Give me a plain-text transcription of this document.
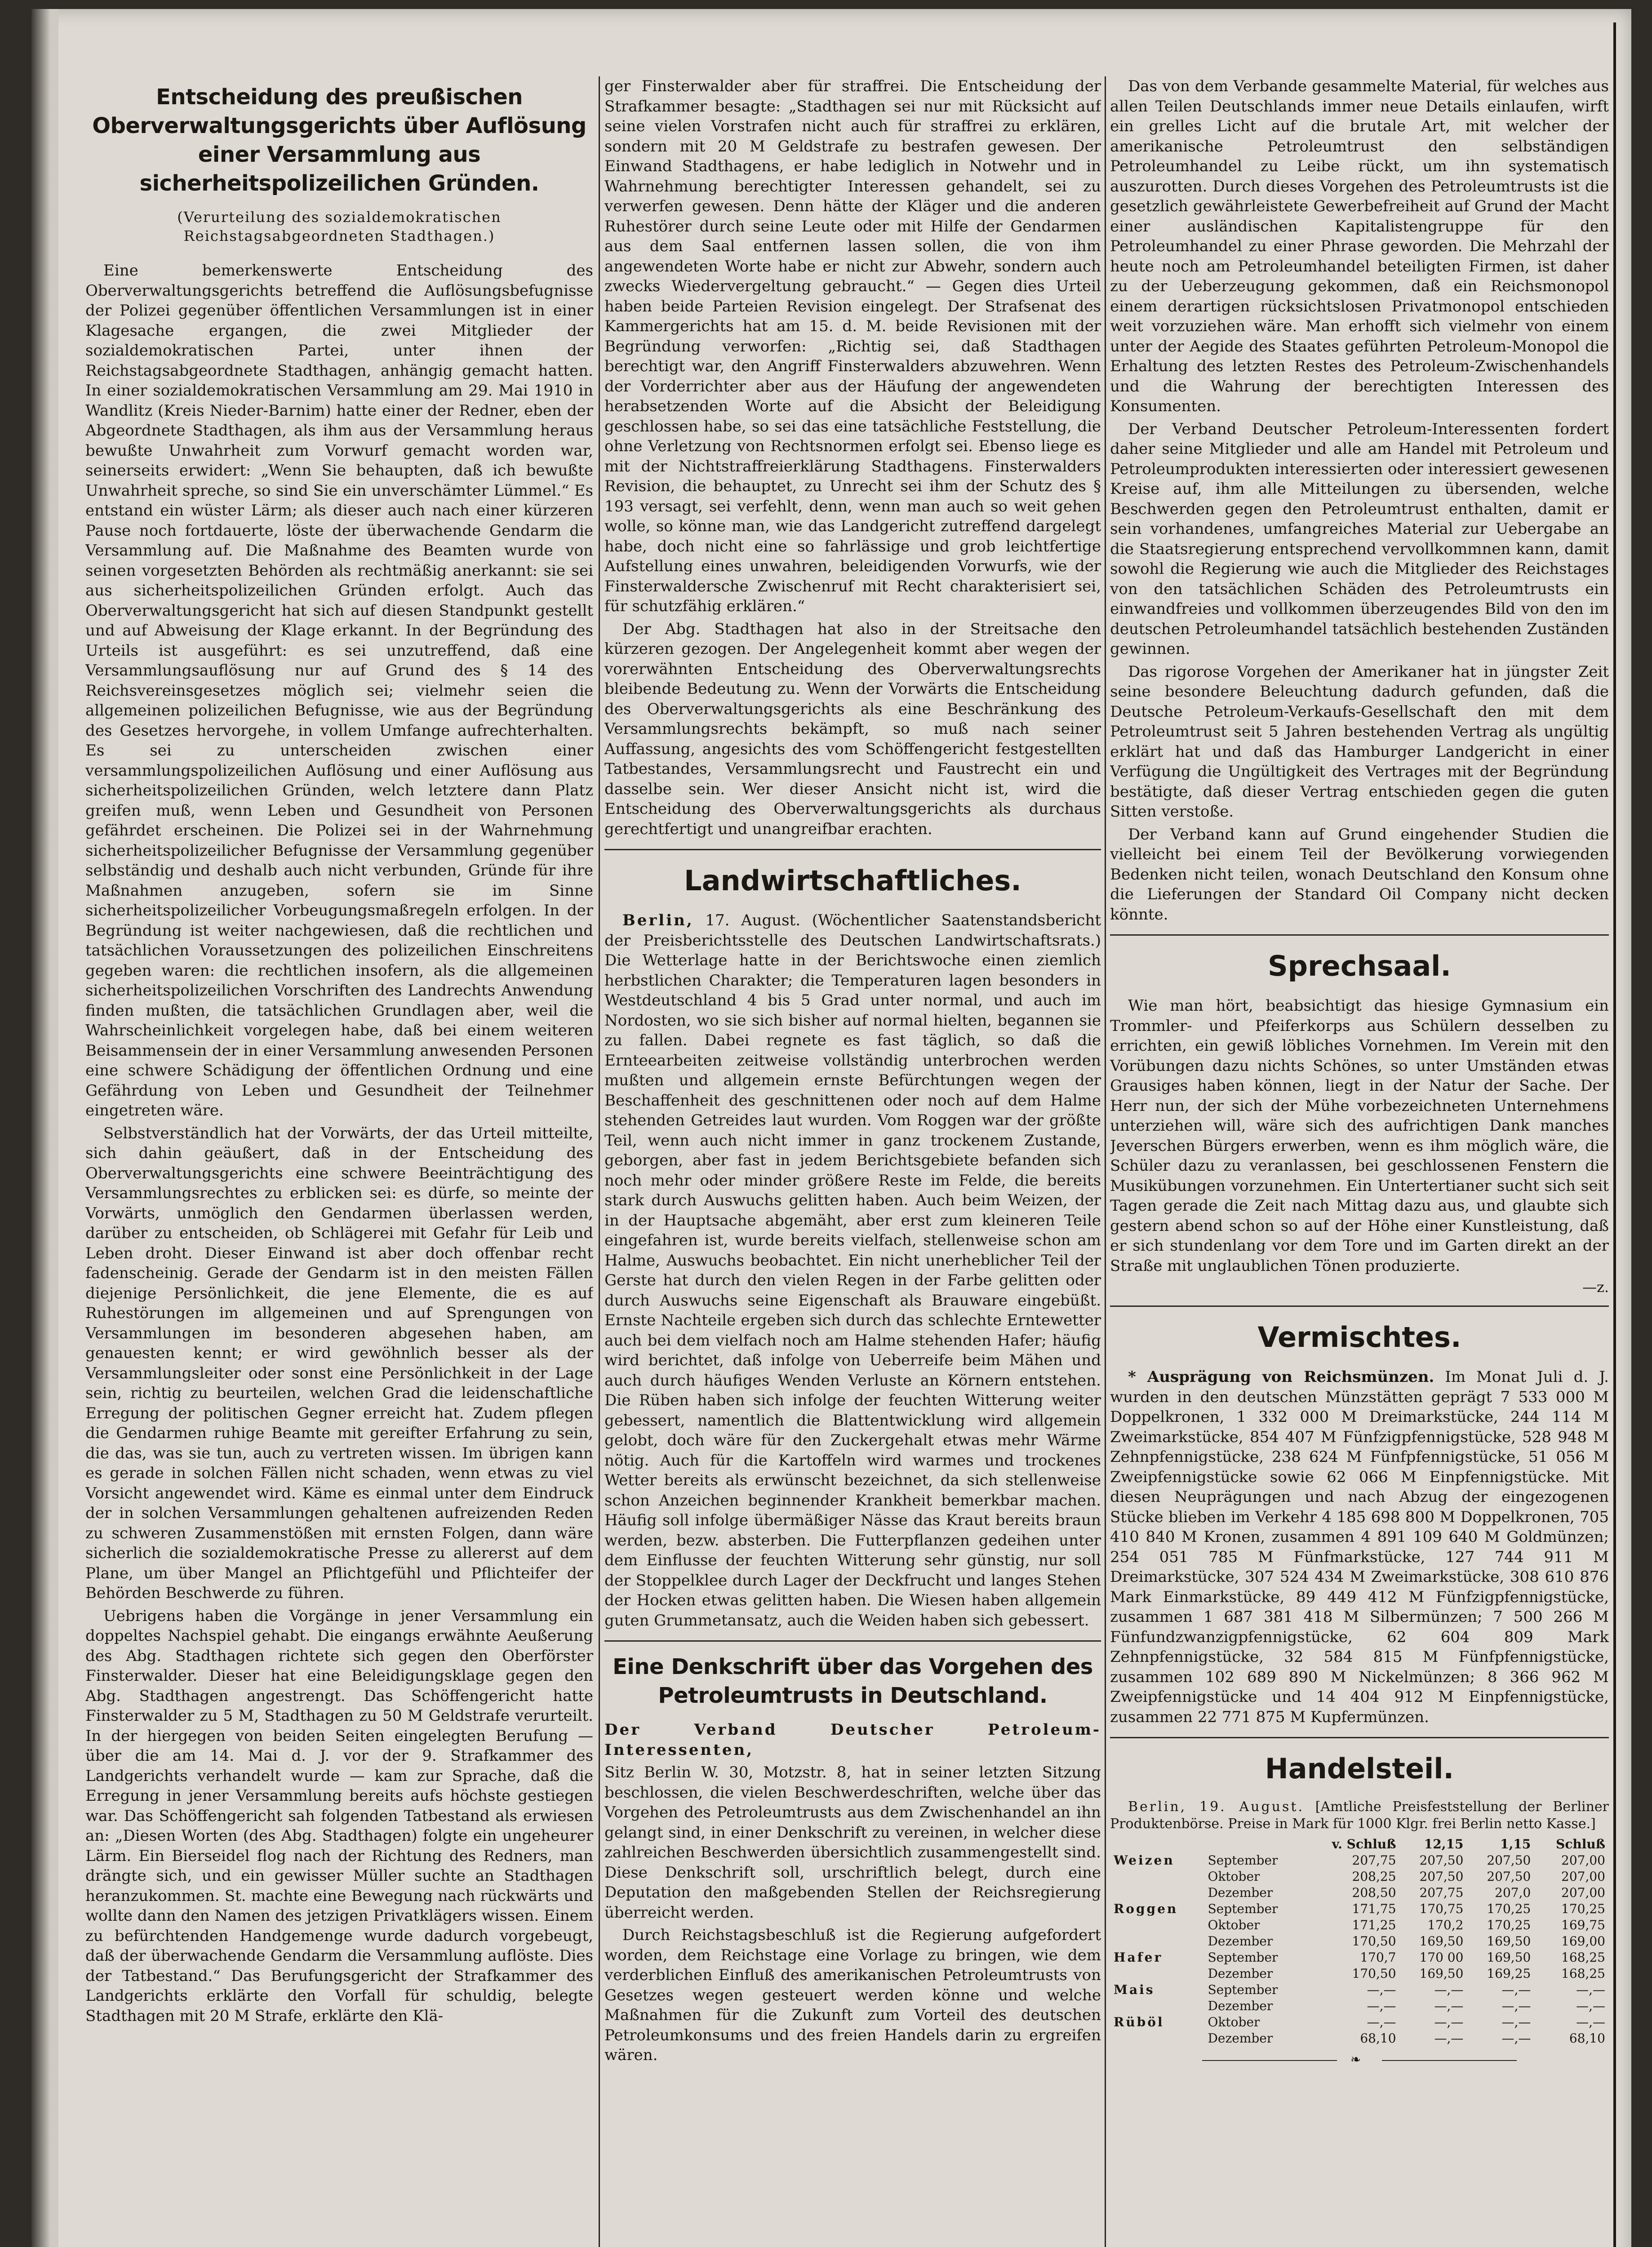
Entscheidung des preußischen Oberverwaltungsgerichts über Auflösung einer Versammlung aus sicherheitspolizeilichen Gründen.
(Verurteilung des sozialdemokratischen Reichstagsabgeordneten Stadthagen.)

Eine bemerkenswerte Entscheidung des Oberverwaltungsgerichts betreffend die Auflösungsbefugnisse der Polizei gegenüber öffentlichen Versammlungen ist in einer Klagesache ergangen, die zwei Mitglieder der sozialdemokratischen Partei, unter ihnen der Reichstagsabgeordnete Stadthagen, anhängig gemacht hatten. In einer sozialdemokratischen Versammlung am 29. Mai 1910 in Wandlitz (Kreis Nieder-Barnim) hatte einer der Redner, eben der Abgeordnete Stadthagen, als ihm aus der Versammlung heraus bewußte Unwahrheit zum Vorwurf gemacht worden war, seinerseits erwidert: „Wenn Sie behaupten, daß ich bewußte Unwahrheit spreche, so sind Sie ein unverschämter Lümmel.“ Es entstand ein wüster Lärm; als dieser auch nach einer kürzeren Pause noch fortdauerte, löste der überwachende Gendarm die Versammlung auf. Die Maßnahme des Beamten wurde von seinen vorgesetzten Behörden als rechtmäßig anerkannt: sie sei aus sicherheitspolizeilichen Gründen erfolgt. Auch das Oberverwaltungsgericht hat sich auf diesen Standpunkt gestellt und auf Abweisung der Klage erkannt. In der Begründung des Urteils ist ausgeführt: es sei unzutreffend, daß eine Versammlungsauflösung nur auf Grund des § 14 des Reichsvereinsgesetzes möglich sei; vielmehr seien die allgemeinen polizeilichen Befugnisse, wie aus der Begründung des Gesetzes hervorgehe, in vollem Umfange aufrechterhalten. Es sei zu unterscheiden zwischen einer versammlungspolizeilichen Auflösung und einer Auflösung aus sicherheitspolizeilichen Gründen, welch letztere dann Platz greifen muß, wenn Leben und Gesundheit von Personen gefährdet erscheinen. Die Polizei sei in der Wahrnehmung sicherheitspolizeilicher Befugnisse der Versammlung gegenüber selbständig und deshalb auch nicht verbunden, Gründe für ihre Maßnahmen anzugeben, sofern sie im Sinne sicherheitspolizeilicher Vorbeugungsmaßregeln erfolgen. In der Begründung ist weiter nachgewiesen, daß die rechtlichen und tatsächlichen Voraussetzungen des polizeilichen Einschreitens gegeben waren: die rechtlichen insofern, als die allgemeinen sicherheitspolizeilichen Vorschriften des Landrechts Anwendung finden mußten, die tatsächlichen Grundlagen aber, weil die Wahrscheinlichkeit vorgelegen habe, daß bei einem weiteren Beisammensein der in einer Versammlung anwesenden Personen eine schwere Schädigung der öffentlichen Ordnung und eine Gefährdung von Leben und Gesundheit der Teilnehmer eingetreten wäre.

Selbstverständlich hat der Vorwärts, der das Urteil mitteilte, sich dahin geäußert, daß in der Entscheidung des Oberverwaltungsgerichts eine schwere Beeinträchtigung des Versammlungsrechtes zu erblicken sei: es dürfe, so meinte der Vorwärts, unmöglich den Gendarmen überlassen werden, darüber zu entscheiden, ob Schlägerei mit Gefahr für Leib und Leben droht. Dieser Einwand ist aber doch offenbar recht fadenscheinig. Gerade der Gendarm ist in den meisten Fällen diejenige Persönlichkeit, die jene Elemente, die es auf Ruhestörungen im allgemeinen und auf Sprengungen von Versammlungen im besonderen abgesehen haben, am genauesten kennt; er wird gewöhnlich besser als der Versammlungsleiter oder sonst eine Persönlichkeit in der Lage sein, richtig zu beurteilen, welchen Grad die leidenschaftliche Erregung der politischen Gegner erreicht hat. Zudem pflegen die Gendarmen ruhige Beamte mit gereifter Erfahrung zu sein, die das, was sie tun, auch zu vertreten wissen. Im übrigen kann es gerade in solchen Fällen nicht schaden, wenn etwas zu viel Vorsicht angewendet wird. Käme es einmal unter dem Eindruck der in solchen Versammlungen gehaltenen aufreizenden Reden zu schweren Zusammenstößen mit ernsten Folgen, dann wäre sicherlich die sozialdemokratische Presse zu allererst auf dem Plane, um über Mangel an Pflichtgefühl und Pflichteifer der Behörden Beschwerde zu führen.

Uebrigens haben die Vorgänge in jener Versammlung ein doppeltes Nachspiel gehabt. Die eingangs erwähnte Aeußerung des Abg. Stadthagen richtete sich gegen den Oberförster Finsterwalder. Dieser hat eine Beleidigungsklage gegen den Abg. Stadthagen angestrengt. Das Schöffengericht hatte Finsterwalder zu 5 M, Stadthagen zu 50 M Geldstrafe verurteilt. In der hiergegen von beiden Seiten eingelegten Berufung — über die am 14. Mai d. J. vor der 9. Strafkammer des Landgerichts verhandelt wurde — kam zur Sprache, daß die Erregung in jener Versammlung bereits aufs höchste gestiegen war. Das Schöffengericht sah folgenden Tatbestand als erwiesen an: „Diesen Worten (des Abg. Stadthagen) folgte ein ungeheurer Lärm. Ein Bierseidel flog nach der Richtung des Redners, man drängte sich, und ein gewisser Müller suchte an Stadthagen heranzukommen. St. machte eine Bewegung nach rückwärts und wollte dann den Namen des jetzigen Privatklägers wissen. Einem zu befürchtenden Handgemenge wurde dadurch vorgebeugt, daß der überwachende Gendarm die Versammlung auflöste. Dies der Tatbestand.“ Das Berufungsgericht der Strafkammer des Landgerichts erklärte den Vorfall für schuldig, belegte Stadthagen mit 20 M Strafe, erklärte den Klä-

ger Finsterwalder aber für straffrei. Die Entscheidung der Strafkammer besagte: „Stadthagen sei nur mit Rücksicht auf seine vielen Vorstrafen nicht auch für straffrei zu erklären, sondern mit 20 M Geldstrafe zu bestrafen gewesen. Der Einwand Stadthagens, er habe lediglich in Notwehr und in Wahrnehmung berechtigter Interessen gehandelt, sei zu verwerfen gewesen. Denn hätte der Kläger und die anderen Ruhestörer durch seine Leute oder mit Hilfe der Gendarmen aus dem Saal entfernen lassen sollen, die von ihm angewendeten Worte habe er nicht zur Abwehr, sondern auch zwecks Wiedervergeltung gebraucht.“ — Gegen dies Urteil haben beide Parteien Revision eingelegt. Der Strafsenat des Kammergerichts hat am 15. d. M. beide Revisionen mit der Begründung verworfen: „Richtig sei, daß Stadthagen berechtigt war, den Angriff Finsterwalders abzuwehren. Wenn der Vorderrichter aber aus der Häufung der angewendeten herabsetzenden Worte auf die Absicht der Beleidigung geschlossen habe, so sei das eine tatsächliche Feststellung, die ohne Verletzung von Rechtsnormen erfolgt sei. Ebenso liege es mit der Nichtstraffreierklärung Stadthagens. Finsterwalders Revision, die behauptet, zu Unrecht sei ihm der Schutz des § 193 versagt, sei verfehlt, denn, wenn man auch so weit gehen wolle, so könne man, wie das Landgericht zutreffend dargelegt habe, doch nicht eine so fahrlässige und grob leichtfertige Aufstellung eines unwahren, beleidigenden Vorwurfs, wie der Finsterwaldersche Zwischenruf mit Recht charakterisiert sei, für schutzfähig erklären.“

Der Abg. Stadthagen hat also in der Streitsache den kürzeren gezogen. Der Angelegenheit kommt aber wegen der vorerwähnten Entscheidung des Oberverwaltungsrechts bleibende Bedeutung zu. Wenn der Vorwärts die Entscheidung des Oberverwaltungsgerichts als eine Beschränkung des Versammlungsrechts bekämpft, so muß nach seiner Auffassung, angesichts des vom Schöffengericht festgestellten Tatbestandes, Versammlungsrecht und Faustrecht ein und dasselbe sein. Wer dieser Ansicht nicht ist, wird die Entscheidung des Oberverwaltungsgerichts als durchaus gerechtfertigt und unangreifbar erachten.

Landwirtschaftliches.

Berlin, 17. August. (Wöchentlicher Saatenstandsbericht der Preisberichtsstelle des Deutschen Landwirtschaftsrats.) Die Wetterlage hatte in der Berichtswoche einen ziemlich herbstlichen Charakter; die Temperaturen lagen besonders in Westdeutschland 4 bis 5 Grad unter normal, und auch im Nordosten, wo sie sich bisher auf normal hielten, begannen sie zu fallen. Dabei regnete es fast täglich, so daß die Ernteearbeiten zeitweise vollständig unterbrochen werden mußten und allgemein ernste Befürchtungen wegen der Beschaffenheit des geschnittenen oder noch auf dem Halme stehenden Getreides laut wurden. Vom Roggen war der größte Teil, wenn auch nicht immer in ganz trockenem Zustande, geborgen, aber fast in jedem Berichtsgebiete befanden sich noch mehr oder minder größere Reste im Felde, die bereits stark durch Auswuchs gelitten haben. Auch beim Weizen, der in der Hauptsache abgemäht, aber erst zum kleineren Teile eingefahren ist, wurde bereits vielfach, stellenweise schon am Halme, Auswuchs beobachtet. Ein nicht unerheblicher Teil der Gerste hat durch den vielen Regen in der Farbe gelitten oder durch Auswuchs seine Eigenschaft als Brauware eingebüßt. Ernste Nachteile ergeben sich durch das schlechte Erntewetter auch bei dem vielfach noch am Halme stehenden Hafer; häufig wird berichtet, daß infolge von Ueberreife beim Mähen und auch durch häufiges Wenden Verluste an Körnern entstehen. Die Rüben haben sich infolge der feuchten Witterung weiter gebessert, namentlich die Blattentwicklung wird allgemein gelobt, doch wäre für den Zuckergehalt etwas mehr Wärme nötig. Auch für die Kartoffeln wird warmes und trockenes Wetter bereits als erwünscht bezeichnet, da sich stellenweise schon Anzeichen beginnender Krankheit bemerkbar machen. Häufig soll infolge übermäßiger Nässe das Kraut bereits braun werden, bezw. absterben. Die Futterpflanzen gedeihen unter dem Einflusse der feuchten Witterung sehr günstig, nur soll der Stoppelklee durch Lager der Deckfrucht und langes Stehen der Hocken etwas gelitten haben. Die Wiesen haben allgemein guten Grummetansatz, auch die Weiden haben sich gebessert.

Eine Denkschrift über das Vorgehen des Petroleumtrusts in Deutschland.

Der Verband Deutscher Petroleum-Interessenten,

Sitz Berlin W. 30, Motzstr. 8, hat in seiner letzten Sitzung beschlossen, die vielen Beschwerdeschriften, welche über das Vorgehen des Petroleumtrusts aus dem Zwischenhandel an ihn gelangt sind, in einer Denkschrift zu vereinen, in welcher diese zahlreichen Beschwerden übersichtlich zusammengestellt sind. Diese Denkschrift soll, urschriftlich belegt, durch eine Deputation den maßgebenden Stellen der Reichsregierung überreicht werden.

Durch Reichstagsbeschluß ist die Regierung aufgefordert worden, dem Reichstage eine Vorlage zu bringen, wie dem verderblichen Einfluß des amerikanischen Petroleumtrusts von Gesetzes wegen gesteuert werden könne und welche Maßnahmen für die Zukunft zum Vorteil des deutschen Petroleumkonsums und des freien Handels darin zu ergreifen wären.

Das von dem Verbande gesammelte Material, für welches aus allen Teilen Deutschlands immer neue Details einlaufen, wirft ein grelles Licht auf die brutale Art, mit welcher der amerikanische Petroleumtrust den selbständigen Petroleumhandel zu Leibe rückt, um ihn systematisch auszurotten. Durch dieses Vorgehen des Petroleumtrusts ist die gesetzlich gewährleistete Gewerbefreiheit auf Grund der Macht einer ausländischen Kapitalistengruppe für den Petroleumhandel zu einer Phrase geworden. Die Mehrzahl der heute noch am Petroleumhandel beteiligten Firmen, ist daher zu der Ueberzeugung gekommen, daß ein Reichsmonopol einem derartigen rücksichtslosen Privatmonopol entschieden weit vorzuziehen wäre. Man erhofft sich vielmehr von einem unter der Aegide des Staates geführten Petroleum-Monopol die Erhaltung des letzten Restes des Petroleum-Zwischenhandels und die Wahrung der berechtigten Interessen des Konsumenten.

Der Verband Deutscher Petroleum-Interessenten fordert daher seine Mitglieder und alle am Handel mit Petroleum und Petroleumprodukten interessierten oder interessiert gewesenen Kreise auf, ihm alle Mitteilungen zu übersenden, welche Beschwerden gegen den Petroleumtrust enthalten, damit er sein vorhandenes, umfangreiches Material zur Uebergabe an die Staatsregierung entsprechend vervollkommnen kann, damit sowohl die Regierung wie auch die Mitglieder des Reichstages von den tatsächlichen Schäden des Petroleumtrusts ein einwandfreies und vollkommen überzeugendes Bild von den im deutschen Petroleumhandel tatsächlich bestehenden Zuständen gewinnen.

Das rigorose Vorgehen der Amerikaner hat in jüngster Zeit seine besondere Beleuchtung dadurch gefunden, daß die Deutsche Petroleum-Verkaufs-Gesellschaft den mit dem Petroleumtrust seit 5 Jahren bestehenden Vertrag als ungültig erklärt hat und daß das Hamburger Landgericht in einer Verfügung die Ungültigkeit des Vertrages mit der Begründung bestätigte, daß dieser Vertrag entschieden gegen die guten Sitten verstoße.

Der Verband kann auf Grund eingehender Studien die vielleicht bei einem Teil der Bevölkerung vorwiegenden Bedenken nicht teilen, wonach Deutschland den Konsum ohne die Lieferungen der Standard Oil Company nicht decken könnte.

Sprechsaal.

Wie man hört, beabsichtigt das hiesige Gymnasium ein Trommler- und Pfeiferkorps aus Schülern desselben zu errichten, ein gewiß löbliches Vornehmen. Im Verein mit den Vorübungen dazu nichts Schönes, so unter Umständen etwas Grausiges haben können, liegt in der Natur der Sache. Der Herr nun, der sich der Mühe vorbezeichneten Unternehmens unterziehen will, wäre sich des aufrichtigen Dank manches Jeverschen Bürgers erwerben, wenn es ihm möglich wäre, die Schüler dazu zu veranlassen, bei geschlossenen Fenstern die Musikübungen vorzunehmen. Ein Untertertianer sucht sich seit Tagen gerade die Zeit nach Mittag dazu aus, und glaubte sich gestern abend schon so auf der Höhe einer Kunstleistung, daß er sich stundenlang vor dem Tore und im Garten direkt an der Straße mit unglaublichen Tönen produzierte.

—z.
Vermischtes.

* Ausprägung von Reichsmünzen. Im Monat Juli d. J. wurden in den deutschen Münzstätten geprägt 7 533 000 M Doppelkronen, 1 332 000 M Dreimarkstücke, 244 114 M Zweimarkstücke, 854 407 M Fünfzigpfennigstücke, 528 948 M Zehnpfennigstücke, 238 624 M Fünfpfennigstücke, 51 056 M Zweipfennigstücke sowie 62 066 M Einpfennigstücke. Mit diesen Neuprägungen und nach Abzug der eingezogenen Stücke blieben im Verkehr 4 185 698 800 M Doppelkronen, 705 410 840 M Kronen, zusammen 4 891 109 640 M Goldmünzen; 254 051 785 M Fünfmarkstücke, 127 744 911 M Dreimarkstücke, 307 524 434 M Zweimarkstücke, 308 610 876 Mark Einmarkstücke, 89 449 412 M Fünfzigpfennigstücke, zusammen 1 687 381 418 M Silbermünzen; 7 500 266 M Fünfundzwanzigpfennigstücke, 62 604 809 Mark Zehnpfennigstücke, 32 584 815 M Fünfpfennigstücke, zusammen 102 689 890 M Nickelmünzen; 8 366 962 M Zweipfennigstücke und 14 404 912 M Einpfennigstücke, zusammen 22 771 875 M Kupfermünzen.

Handelsteil.

Berlin, 19. August. [Amtliche Preisfeststellung der Berliner Produktenbörse. Preise in Mark für 1000 Klgr. frei Berlin netto Kasse.]

		v. Schluß	12,15	1,15	Schluß
Weizen	September	207,75	207,50	207,50	207,00
	Oktober	208,25	207,50	207,50	207,00
	Dezember	208,50	207,75	207,0	207,00
Roggen	September	171,75	170,75	170,25	170,25
	Oktober	171,25	170,2	170,25	169,75
	Dezember	170,50	169,50	169,50	169,00
Hafer	September	170,7	170 00	169,50	168,25
	Dezember	170,50	169,50	169,25	168,25
Mais	September	—,—	—,—	—,—	—,—
	Dezember	—,—	—,—	—,—	—,—
Rüböl	Oktober	—,—	—,—	—,—	—,—
	Dezember	68,10	—,—	—,—	68,10
❧
